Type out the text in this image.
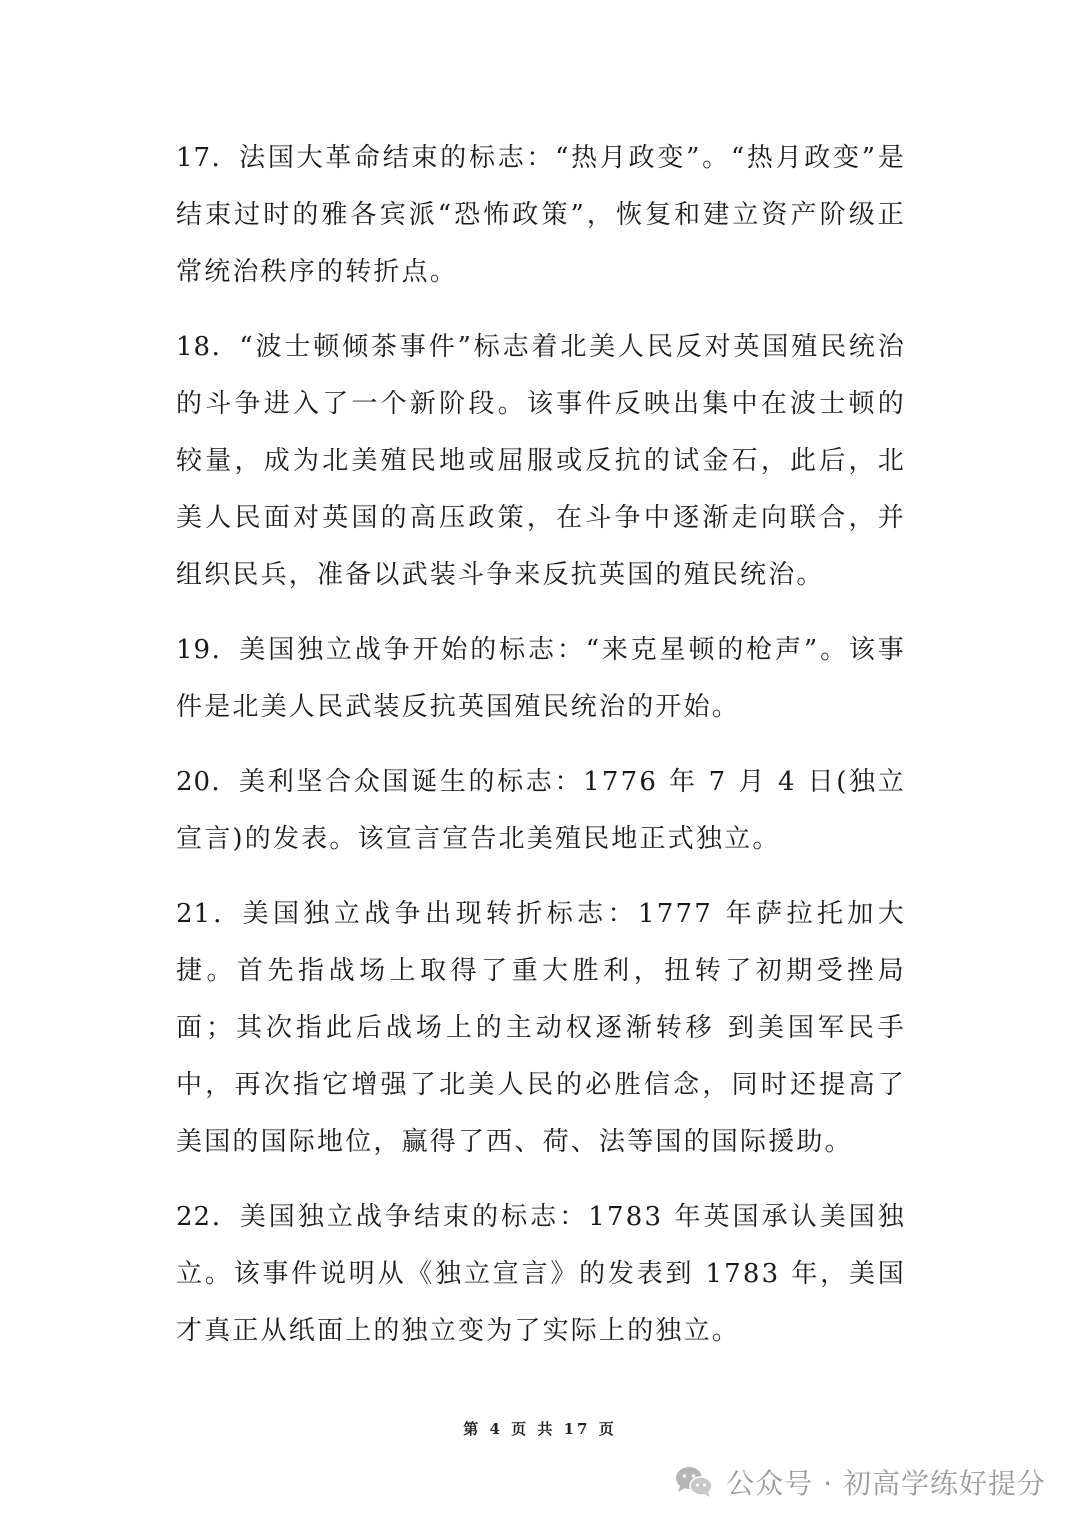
17．法国大革命结束的标志：“热月政变”。“热月政变”是结束过时的雅各宾派“恐怖政策”，恢复和建立资产阶级正常统治秩序的转折点。

18．“波士顿倾茶事件”标志着北美人民反对英国殖民统治的斗争进入了一个新阶段。该事件反映出集中在波士顿的较量，成为北美殖民地或屈服或反抗的试金石，此后，北美人民面对英国的高压政策，在斗争中逐渐走向联合，并组织民兵，准备以武装斗争来反抗英国的殖民统治。

19．美国独立战争开始的标志：“来克星顿的枪声”。该事件是北美人民武装反抗英国殖民统治的开始。

20．美利坚合众国诞生的标志：1776 年 7 月 4 日(独立宣言)的发表。该宣言宣告北美殖民地正式独立。

21．美国独立战争出现转折标志：1777 年萨拉托加大捷。首先指战场上取得了重大胜利，扭转了初期受挫局面；其次指此后战场上的主动权逐渐转移 到美国军民手中，再次指它增强了北美人民的必胜信念，同时还提高了美国的国际地位，赢得了西、荷、法等国的国际援助。

22．美国独立战争结束的标志：1783 年英国承认美国独立。该事件说明从《独立宣言》的发表到 1783 年，美国才真正从纸面上的独立变为了实际上的独立。

第 4 页 共 17 页
公众号 · 初高学练好提分
